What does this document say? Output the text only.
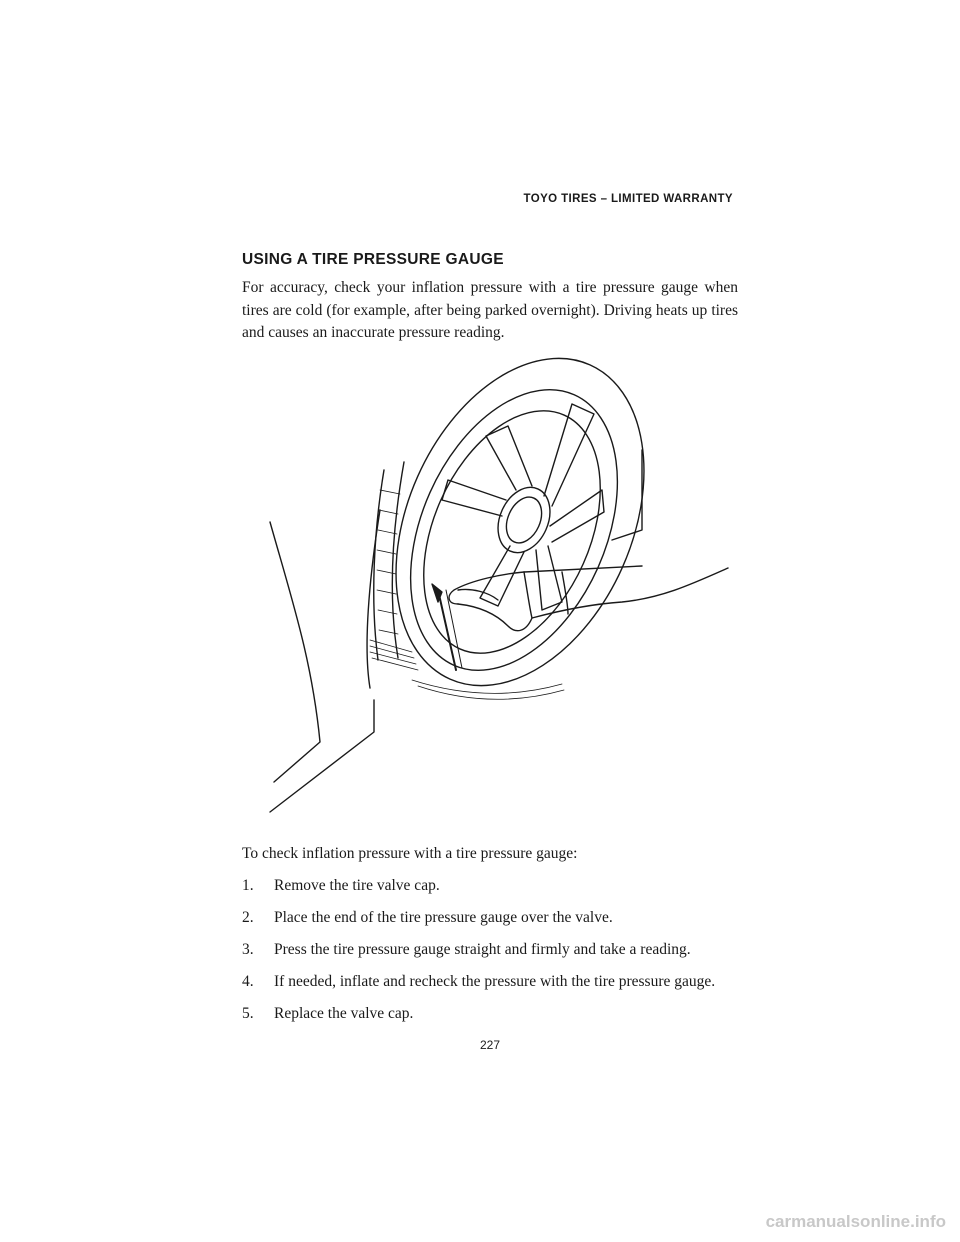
TOYO TIRES – LIMITED WARRANTY
USING A TIRE PRESSURE GAUGE

For accuracy, check your inflation pressure with a tire pressure gauge when tires are cold (for example, after being parked overnight). Driving heats up tires and causes an inaccurate pressure reading.

To check inflation pressure with a tire pressure gauge:

1. Remove the tire valve cap.
2. Place the end of the tire pressure gauge over the valve.
3. Press the tire pressure gauge straight and firmly and take a reading.
4. If needed, inflate and recheck the pressure with the tire pressure gauge.
5. Replace the valve cap.
227
carmanualsonline.info
